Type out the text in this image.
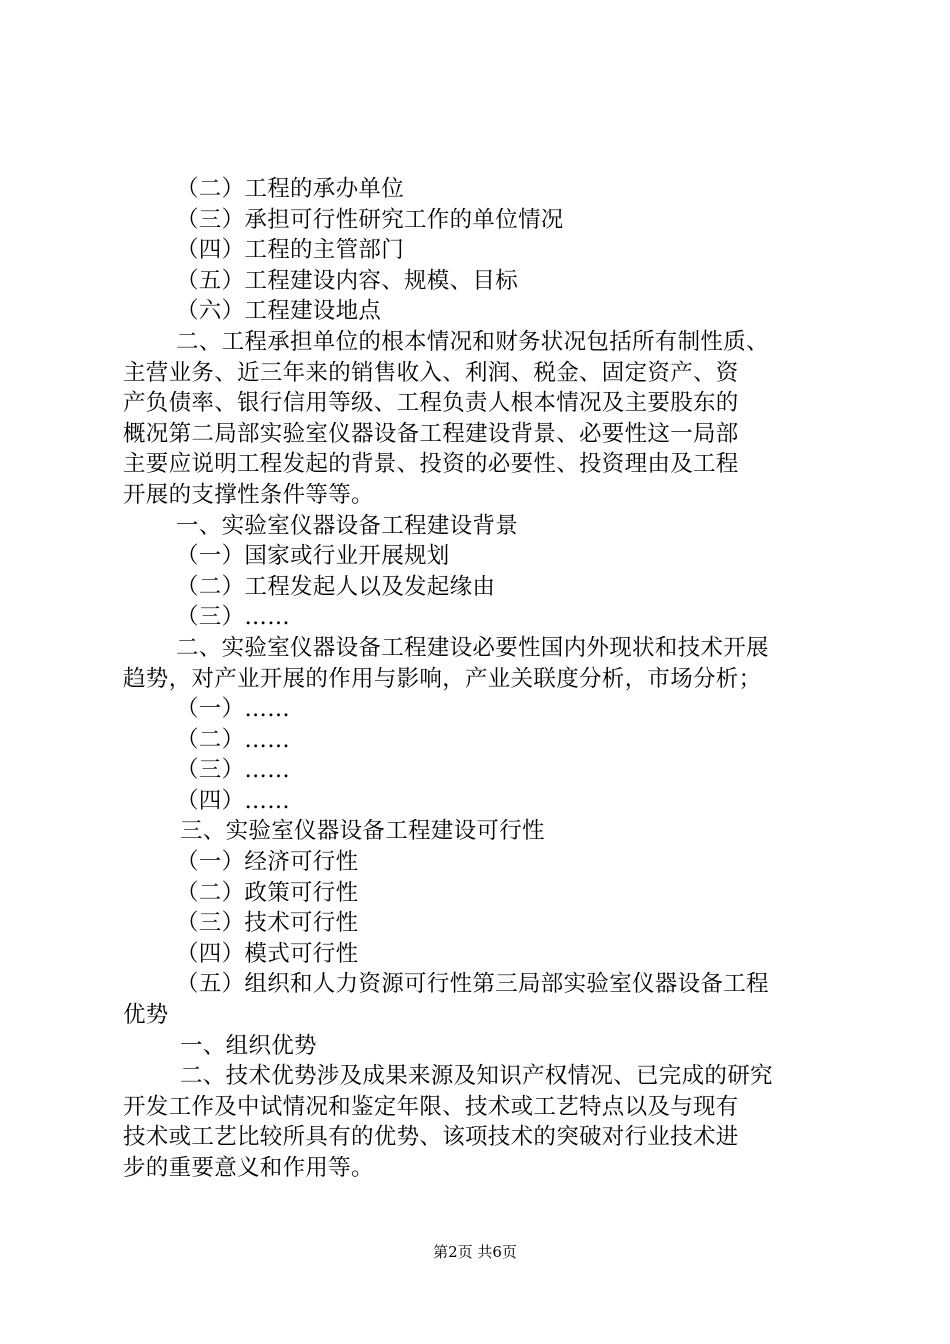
（二）工程的承办单位
（三）承担可行性研究工作的单位情况
（四）工程的主管部门
（五）工程建设内容、规模、目标
（六）工程建设地点
二、工程承担单位的根本情况和财务状况包括所有制性质、
主营业务、近三年来的销售收入、利润、税金、固定资产、资
产负债率、银行信用等级、工程负责人根本情况及主要股东的
概况第二局部实验室仪器设备工程建设背景、必要性这一局部
主要应说明工程发起的背景、投资的必要性、投资理由及工程
开展的支撑性条件等等。
一、实验室仪器设备工程建设背景
（一）国家或行业开展规划
（二）工程发起人以及发起缘由
（三）……
二、实验室仪器设备工程建设必要性国内外现状和技术开展
趋势，对产业开展的作用与影响，产业关联度分析，市场分析；
（一）……
（二）……
（三）……
（四）……
三、实验室仪器设备工程建设可行性
（一）经济可行性
（二）政策可行性
（三）技术可行性
（四）模式可行性
（五）组织和人力资源可行性第三局部实验室仪器设备工程
优势
一、组织优势
二、技术优势涉及成果来源及知识产权情况、已完成的研究
开发工作及中试情况和鉴定年限、技术或工艺特点以及与现有
技术或工艺比较所具有的优势、该项技术的突破对行业技术进
步的重要意义和作用等。
第2页 共6页
